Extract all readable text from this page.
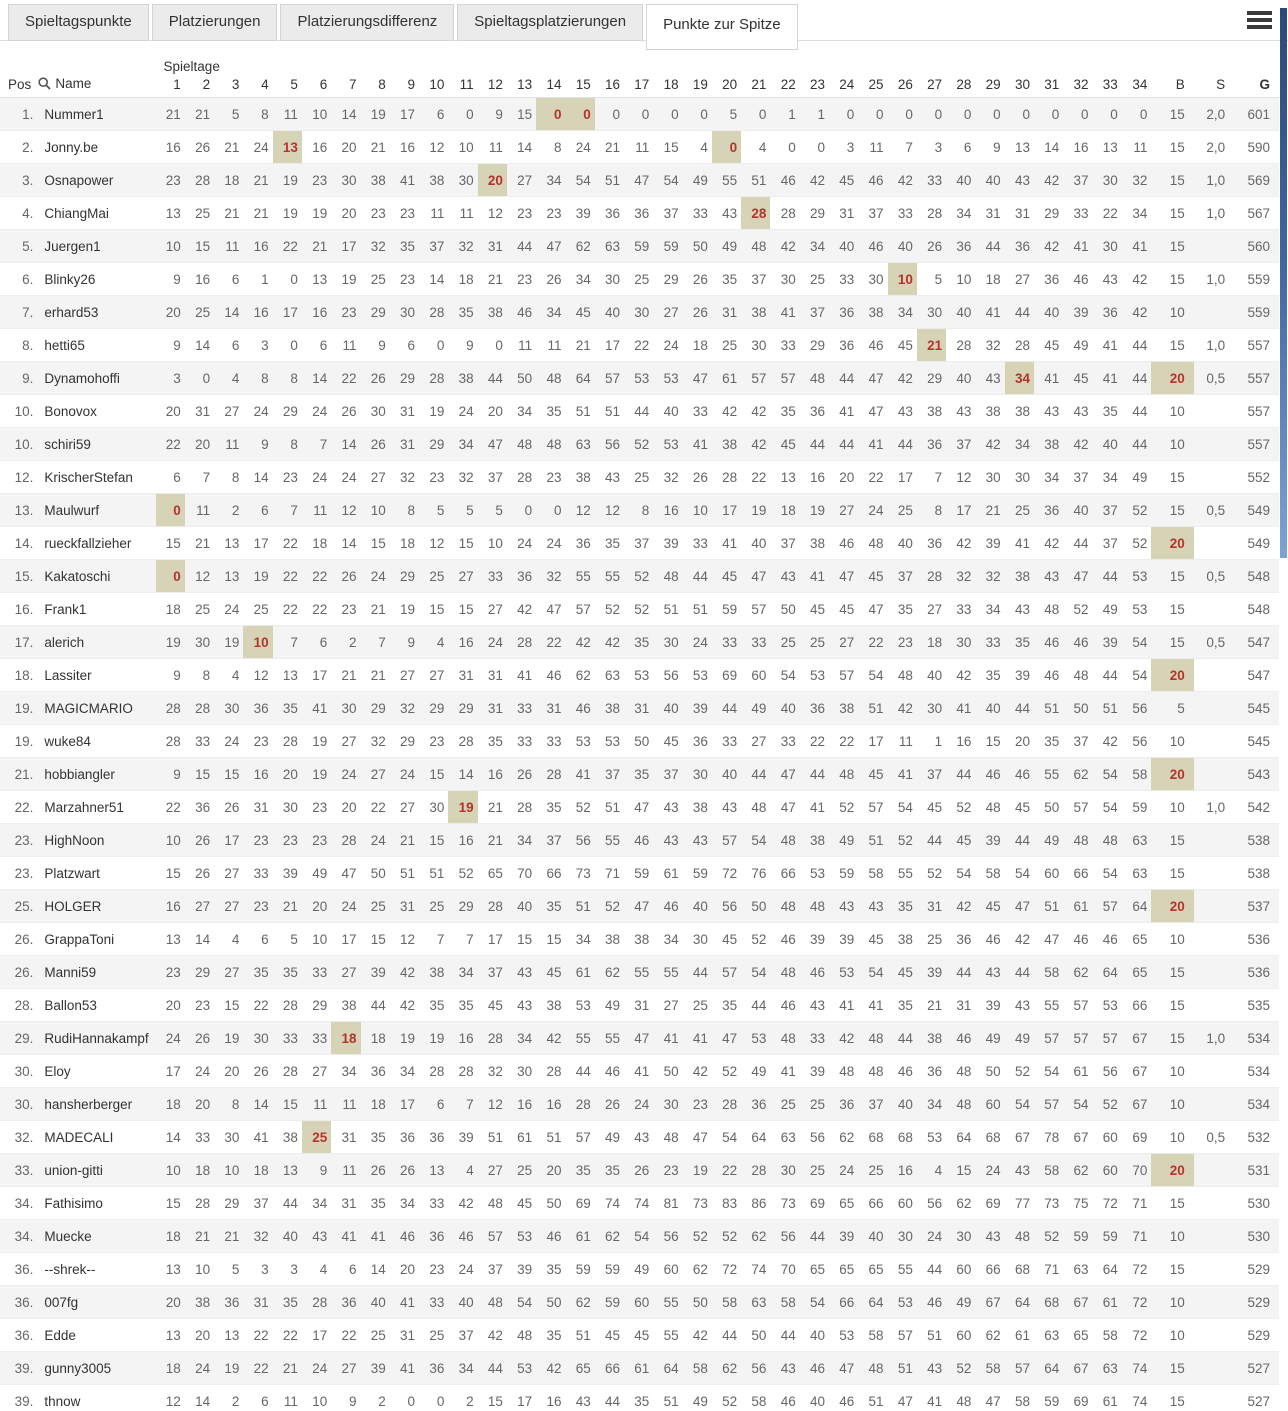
Spieltagspunkte	Platzierungen	Platzierungsdifferenz	Spieltagsplatzierungen	Punkte zur Spitze
		Spieltage																																				
Pos	Name	1	2	3	4	5	6	7	8	9	10	11	12	13	14	15	16	17	18	19	20	21	22	23	24	25	26	27	28	29	30	31	32	33	34	B	S	G
1.	Nummer1	21	21	5	8	11	10	14	19	17	6	0	9	15	0	0	0	0	0	0	5	0	1	1	0	0	0	0	0	0	0	0	0	0	0	15	2,0	601
2.	Jonny.be	16	26	21	24	13	16	20	21	16	12	10	11	14	8	24	21	11	15	4	0	4	0	0	3	11	7	3	6	9	13	14	16	13	11	15	2,0	590
3.	Osnapower	23	28	18	21	19	23	30	38	41	38	30	20	27	34	54	51	47	54	49	55	51	46	42	45	46	42	33	40	40	43	42	37	30	32	15	1,0	569
4.	ChiangMai	13	25	21	21	19	19	20	23	23	11	11	12	23	23	39	36	36	37	33	43	28	28	29	31	37	33	28	34	31	31	29	33	22	34	15	1,0	567
5.	Juergen1	10	15	11	16	22	21	17	32	35	37	32	31	44	47	62	63	59	59	50	49	48	42	34	40	46	40	26	36	44	36	42	41	30	41	15		560
6.	Blinky26	9	16	6	1	0	13	19	25	23	14	18	21	23	26	34	30	25	29	26	35	37	30	25	33	30	10	5	10	18	27	36	46	43	42	15	1,0	559
7.	erhard53	20	25	14	16	17	16	23	29	30	28	35	38	46	34	45	40	30	27	26	31	38	41	37	36	38	34	30	40	41	44	40	39	36	42	10		559
8.	hetti65	9	14	6	3	0	6	11	9	6	0	9	0	11	11	21	17	22	24	18	25	30	33	29	36	46	45	21	28	32	28	45	49	41	44	15	1,0	557
9.	Dynamohoffi	3	0	4	8	8	14	22	26	29	28	38	44	50	48	64	57	53	53	47	61	57	57	48	44	47	42	29	40	43	34	41	45	41	44	20	0,5	557
10.	Bonovox	20	31	27	24	29	24	26	30	31	19	24	20	34	35	51	51	44	40	33	42	42	35	36	41	47	43	38	43	38	38	43	43	35	44	10		557
10.	schiri59	22	20	11	9	8	7	14	26	31	29	34	47	48	48	63	56	52	53	41	38	42	45	44	44	41	44	36	37	42	34	38	42	40	44	10		557
12.	KrischerStefan	6	7	8	14	23	24	24	27	32	23	32	37	28	23	38	43	25	32	26	28	22	13	16	20	22	17	7	12	30	30	34	37	34	49	15		552
13.	Maulwurf	0	11	2	6	7	11	12	10	8	5	5	5	0	0	12	12	8	16	10	17	19	18	19	27	24	25	8	17	21	25	36	40	37	52	15	0,5	549
14.	rueckfallzieher	15	21	13	17	22	18	14	15	18	12	15	10	24	24	36	35	37	39	33	41	40	37	38	46	48	40	36	42	39	41	42	44	37	52	20		549
15.	Kakatoschi	0	12	13	19	22	22	26	24	29	25	27	33	36	32	55	55	52	48	44	45	47	43	41	47	45	37	28	32	32	38	43	47	44	53	15	0,5	548
16.	Frank1	18	25	24	25	22	22	23	21	19	15	15	27	42	47	57	52	52	51	51	59	57	50	45	45	47	35	27	33	34	43	48	52	49	53	15		548
17.	alerich	19	30	19	10	7	6	2	7	9	4	16	24	28	22	42	42	35	30	24	33	33	25	25	27	22	23	18	30	33	35	46	46	39	54	15	0,5	547
18.	Lassiter	9	8	4	12	13	17	21	21	27	27	31	31	41	46	62	63	53	56	53	69	60	54	53	57	54	48	40	42	35	39	46	48	44	54	20		547
19.	MAGICMARIO	28	28	30	36	35	41	30	29	32	29	29	31	33	31	46	38	31	40	39	44	49	40	36	38	51	42	30	41	40	44	51	50	51	56	5		545
19.	wuke84	28	33	24	23	28	19	27	32	29	23	28	35	33	33	53	53	50	45	36	33	27	33	22	22	17	11	1	16	15	20	35	37	42	56	10		545
21.	hobbiangler	9	15	15	16	20	19	24	27	24	15	14	16	26	28	41	37	35	37	30	40	44	47	44	48	45	41	37	44	46	46	55	62	54	58	20		543
22.	Marzahner51	22	36	26	31	30	23	20	22	27	30	19	21	28	35	52	51	47	43	38	43	48	47	41	52	57	54	45	52	48	45	50	57	54	59	10	1,0	542
23.	HighNoon	10	26	17	23	23	23	28	24	21	15	16	21	34	37	56	55	46	43	43	57	54	48	38	49	51	52	44	45	39	44	49	48	48	63	15		538
23.	Platzwart	15	26	27	33	39	49	47	50	51	51	52	65	70	66	73	71	59	61	59	72	76	66	53	59	58	55	52	54	58	54	60	66	54	63	15		538
25.	HOLGER	16	27	27	23	21	20	24	25	31	25	29	28	40	35	51	52	47	46	40	56	50	48	48	43	43	35	31	42	45	47	51	61	57	64	20		537
26.	GrappaToni	13	14	4	6	5	10	17	15	12	7	7	17	15	15	34	38	38	34	30	45	52	46	39	39	45	38	25	36	46	42	47	46	46	65	10		536
26.	Manni59	23	29	27	35	35	33	27	39	42	38	34	37	43	45	61	62	55	55	44	57	54	48	46	53	54	45	39	44	43	44	58	62	64	65	15		536
28.	Ballon53	20	23	15	22	28	29	38	44	42	35	35	45	43	38	53	49	31	27	25	35	44	46	43	41	41	35	21	31	39	43	55	57	53	66	15		535
29.	RudiHannakampf	24	26	19	30	33	33	18	18	19	19	16	28	34	42	55	55	47	41	41	47	53	48	33	42	48	44	38	46	49	49	57	57	57	67	15	1,0	534
30.	Eloy	17	24	20	26	28	27	34	36	34	28	28	32	30	28	44	46	41	50	42	52	49	41	39	48	48	46	36	48	50	52	54	61	56	67	10		534
30.	hansherberger	18	20	8	14	15	11	11	18	17	6	7	12	16	16	28	26	24	30	23	28	36	25	25	36	37	40	34	48	60	54	57	54	52	67	10		534
32.	MADECALI	14	33	30	41	38	25	31	35	36	36	39	51	61	51	57	49	43	48	47	54	64	63	56	62	68	68	53	64	68	67	78	67	60	69	10	0,5	532
33.	union-gitti	10	18	10	18	13	9	11	26	26	13	4	27	25	20	35	35	26	23	19	22	28	30	25	24	25	16	4	15	24	43	58	62	60	70	20		531
34.	Fathisimo	15	28	29	37	44	34	31	35	34	33	42	48	45	50	69	74	74	81	73	83	86	73	69	65	66	60	56	62	69	77	73	75	72	71	15		530
34.	Muecke	18	21	21	32	40	43	41	41	46	36	46	57	53	46	61	62	54	56	52	52	62	56	44	39	40	30	24	30	43	48	52	59	59	71	10		530
36.	--shrek--	13	10	5	3	3	4	6	14	20	23	24	37	39	35	59	59	49	60	62	72	74	70	65	65	65	55	44	60	66	68	71	63	64	72	15		529
36.	007fg	20	38	36	31	35	28	36	40	41	33	40	48	54	50	62	59	60	55	50	58	63	58	54	66	64	53	46	49	67	64	68	67	61	72	10		529
36.	Edde	13	20	13	22	22	17	22	25	31	25	37	42	48	35	51	45	45	55	42	44	50	44	40	53	58	57	51	60	62	61	63	65	58	72	10		529
39.	gunny3005	18	24	19	22	21	24	27	39	41	36	34	44	53	42	65	66	61	64	58	62	56	43	46	47	48	51	43	52	58	57	64	67	63	74	15		527
39.	thnow	12	14	2	6	11	10	9	2	0	0	2	15	17	16	43	44	35	51	49	52	58	46	40	46	51	47	41	48	47	58	59	69	61	74	15		527
